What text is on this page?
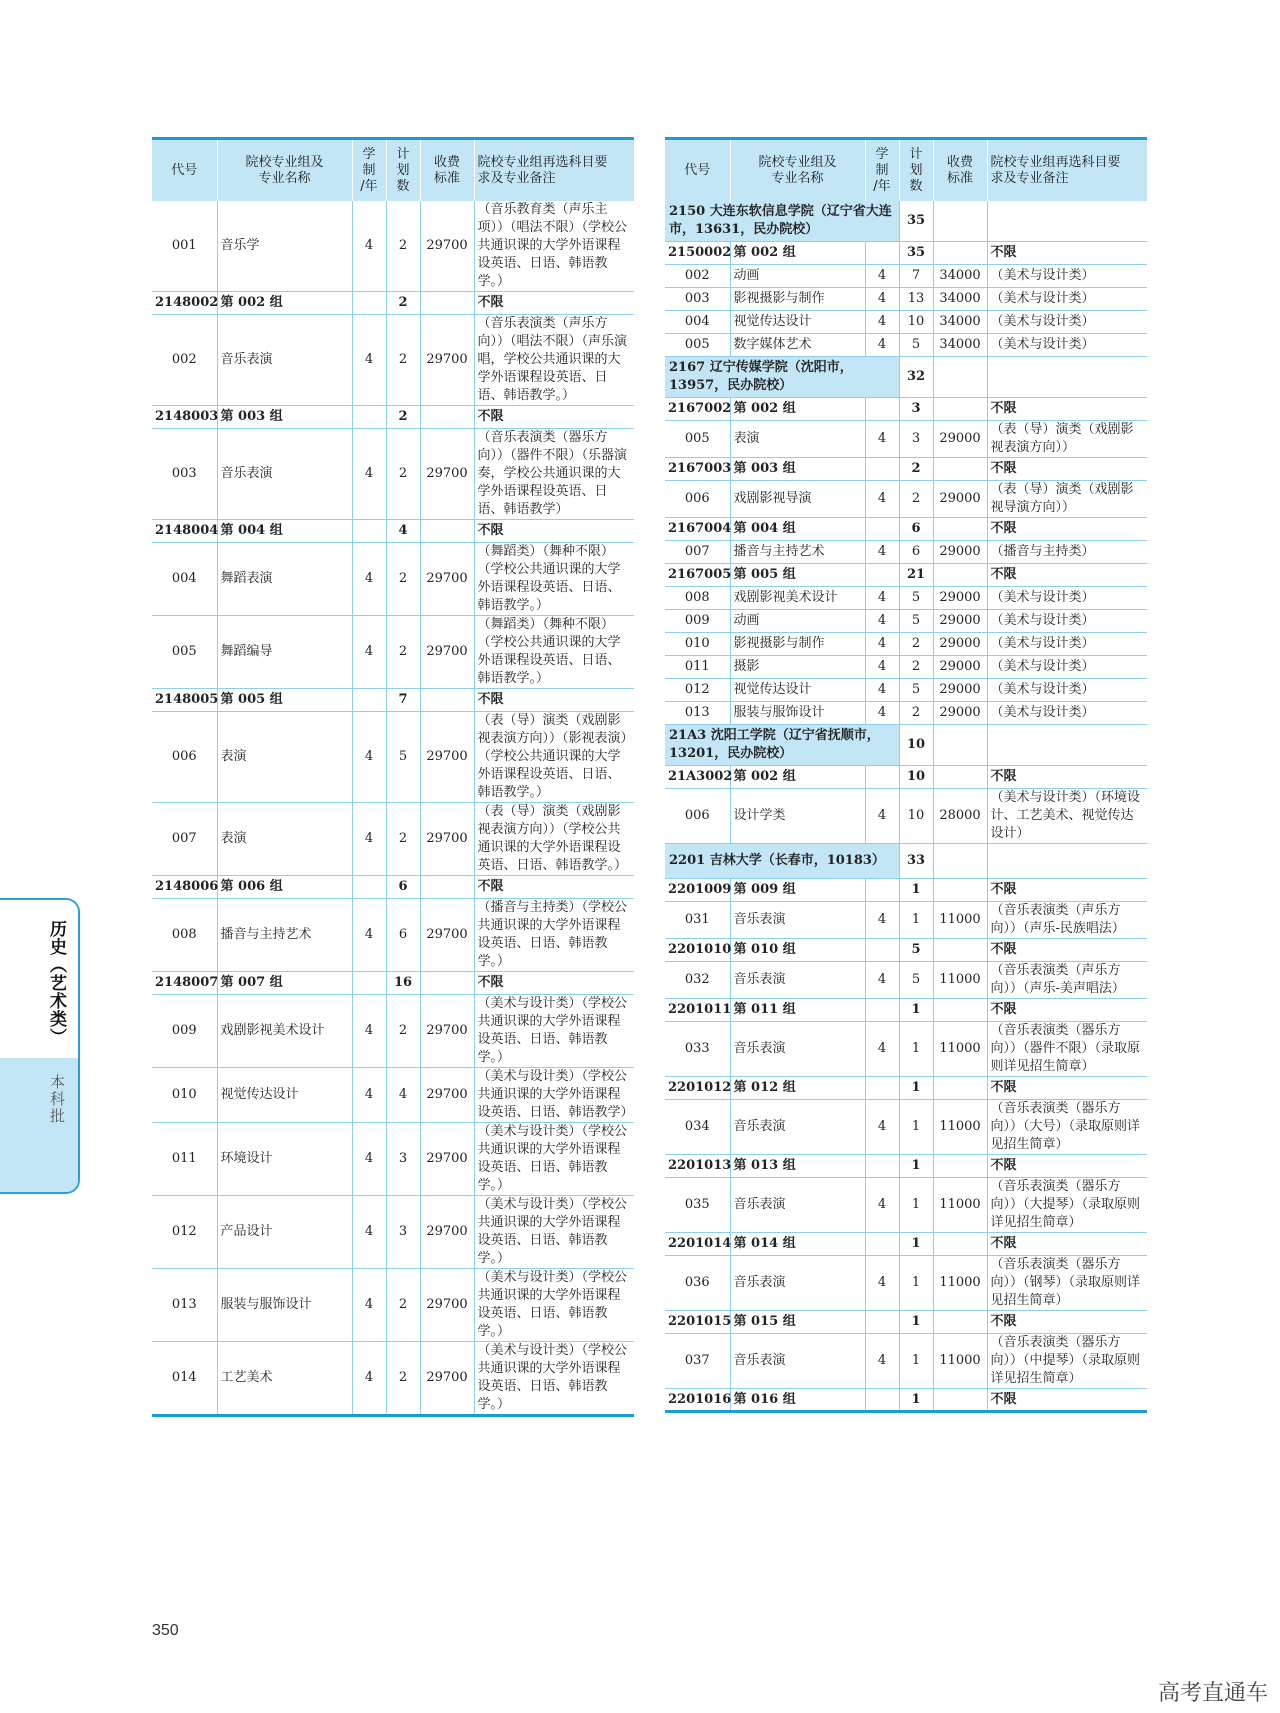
代号	院校专业组及
专业名称	学
制
/年	计
划
数	收费
标准	院校专业组再选科目要
求及专业备注
001	音乐学	4	2	29700	（音乐教育类（声乐主项））（唱法不限）（学校公共通识课的大学外语课程设英语、日语、韩语教学。）
2148002	第 002 组		2		不限
002	音乐表演	4	2	29700	（音乐表演类（声乐方向））（唱法不限）（声乐演唱，学校公共通识课的大学外语课程设英语、日语、韩语教学。）
2148003	第 003 组		2		不限
003	音乐表演	4	2	29700	（音乐表演类（器乐方向））（器件不限）（乐器演奏，学校公共通识课的大学外语课程设英语、日语、韩语教学）
2148004	第 004 组		4		不限
004	舞蹈表演	4	2	29700	（舞蹈类）（舞种不限）（学校公共通识课的大学外语课程设英语、日语、韩语教学。）
005	舞蹈编导	4	2	29700	（舞蹈类）（舞种不限）（学校公共通识课的大学外语课程设英语、日语、韩语教学。）
2148005	第 005 组		7		不限
006	表演	4	5	29700	（表（导）演类（戏剧影视表演方向））（影视表演）（学校公共通识课的大学外语课程设英语、日语、韩语教学。）
007	表演	4	2	29700	（表（导）演类（戏剧影视表演方向））（学校公共通识课的大学外语课程设英语、日语、韩语教学。）
2148006	第 006 组		6		不限
008	播音与主持艺术	4	6	29700	（播音与主持类）（学校公共通识课的大学外语课程设英语、日语、韩语教学。）
2148007	第 007 组		16		不限
009	戏剧影视美术设计	4	2	29700	（美术与设计类）（学校公共通识课的大学外语课程设英语、日语、韩语教学。）
010	视觉传达设计	4	4	29700	（美术与设计类）（学校公共通识课的大学外语课程设英语、日语、韩语教学）
011	环境设计	4	3	29700	（美术与设计类）（学校公共通识课的大学外语课程设英语、日语、韩语教学。）
012	产品设计	4	3	29700	（美术与设计类）（学校公共通识课的大学外语课程设英语、日语、韩语教学。）
013	服装与服饰设计	4	2	29700	（美术与设计类）（学校公共通识课的大学外语课程设英语、日语、韩语教学。）
014	工艺美术	4	2	29700	（美术与设计类）（学校公共通识课的大学外语课程设英语、日语、韩语教学。）
代号	院校专业组及
专业名称	学
制
/年	计
划
数	收费
标准	院校专业组再选科目要
求及专业备注
2150 大连东软信息学院（辽宁省大连市，13631，民办院校）			35		
2150002	第 002 组		35		不限
002	动画	4	7	34000	（美术与设计类）
003	影视摄影与制作	4	13	34000	（美术与设计类）
004	视觉传达设计	4	10	34000	（美术与设计类）
005	数字媒体艺术	4	5	34000	（美术与设计类）
2167 辽宁传媒学院（沈阳市，13957，民办院校）			32		
2167002	第 002 组		3		不限
005	表演	4	3	29000	（表（导）演类（戏剧影视表演方向））
2167003	第 003 组		2		不限
006	戏剧影视导演	4	2	29000	（表（导）演类（戏剧影视导演方向））
2167004	第 004 组		6		不限
007	播音与主持艺术	4	6	29000	（播音与主持类）
2167005	第 005 组		21		不限
008	戏剧影视美术设计	4	5	29000	（美术与设计类）
009	动画	4	5	29000	（美术与设计类）
010	影视摄影与制作	4	2	29000	（美术与设计类）
011	摄影	4	2	29000	（美术与设计类）
012	视觉传达设计	4	5	29000	（美术与设计类）
013	服装与服饰设计	4	2	29000	（美术与设计类）
21A3 沈阳工学院（辽宁省抚顺市，13201，民办院校）			10		
21A3002	第 002 组		10		不限
006	设计学类	4	10	28000	（美术与设计类）（环境设计、工艺美术、视觉传达设计）
2201 吉林大学（长春市，10183）			33		
2201009	第 009 组		1		不限
031	音乐表演	4	1	11000	（音乐表演类（声乐方向））（声乐-民族唱法）
2201010	第 010 组		5		不限
032	音乐表演	4	5	11000	（音乐表演类（声乐方向））（声乐-美声唱法）
2201011	第 011 组		1		不限
033	音乐表演	4	1	11000	（音乐表演类（器乐方向））（器件不限）（录取原则详见招生简章）
2201012	第 012 组		1		不限
034	音乐表演	4	1	11000	（音乐表演类（器乐方向））（大号）（录取原则详见招生简章）
2201013	第 013 组		1		不限
035	音乐表演	4	1	11000	（音乐表演类（器乐方向））（大提琴）（录取原则详见招生简章）
2201014	第 014 组		1		不限
036	音乐表演	4	1	11000	（音乐表演类（器乐方向））（钢琴）（录取原则详见招生简章）
2201015	第 015 组		1		不限
037	音乐表演	4	1	11000	（音乐表演类（器乐方向））（中提琴）（录取原则详见招生简章）
2201016	第 016 组		1		不限
历史（艺术类）
本科批
350
高考直通车
